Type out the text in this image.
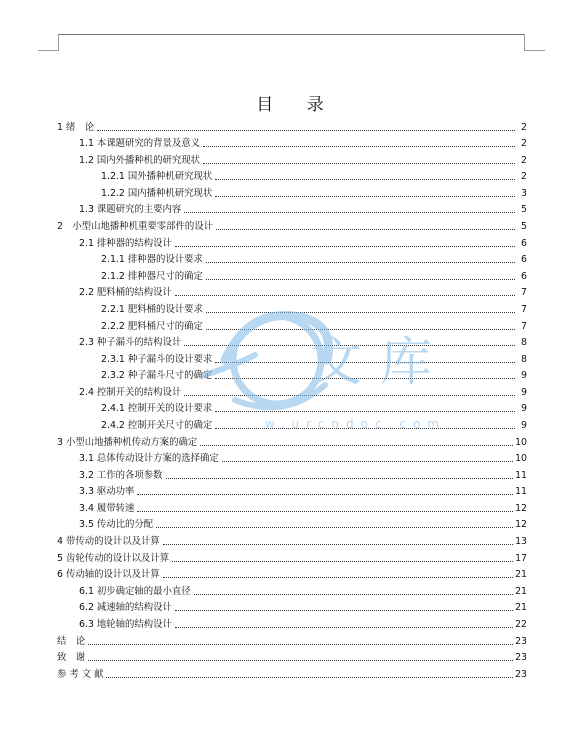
目 录
1 绪　论	2
1.1 本课题研究的背景及意义	2
1.2 国内外播种机的研究现状	2
1.2.1 国外播种机研究现状	2
1.2.2 国内播种机研究现状	3
1.3 课题研究的主要内容	5
2　小型山地播种机重要零部件的设计	5
2.1 排种器的结构设计	6
2.1.1 排种器的设计要求	6
2.1.2 排种器尺寸的确定	6
2.2 肥料桶的结构设计	7
2.2.1 肥料桶的设计要求	7
2.2.2 肥料桶尺寸的确定	7
2.3 种子漏斗的结构设计	8
2.3.1 种子漏斗的设计要求	8
2.3.2 种子漏斗尺寸的确定	9
2.4 控制开关的结构设计	9
2.4.1 控制开关的设计要求	9
2.4.2 控制开关尺寸的确定	9
3 小型山地播种机传动方案的确定	10
3.1 总体传动设计方案的选择确定	10
3.2 工作的各项参数	11
3.3 驱动功率	11
3.4 履带转速	12
3.5 传动比的分配	12
4 带传动的设计以及计算	13
5 齿轮传动的设计以及计算	17
6 传动轴的设计以及计算	21
6.1 初步确定轴的最小直径	21
6.2 减速轴的结构设计	21
6.3 地轮轴的结构设计	22
结　论	23
致　谢	23
参 考 文 献	23
文库
w.urcndoc.com
